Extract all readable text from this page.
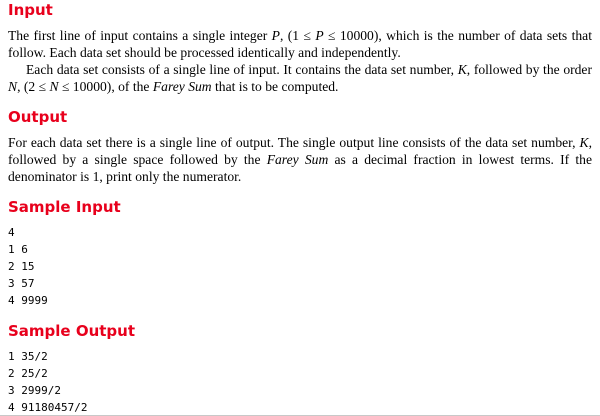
Input

The first line of input contains a single integer P, (1 ≤ P ≤ 10000), which is the number of data sets that follow. Each data set should be processed identically and independently.

Each data set consists of a single line of input. It contains the data set number, K, followed by the order N, (2 ≤ N ≤ 10000), of the Farey Sum that is to be computed.

Output

For each data set there is a single line of output. The single output line consists of the data set number, K, followed by a single space followed by the Farey Sum as a decimal fraction in lowest terms. If the denominator is 1, print only the numerator.

Sample Input
4
1 6
2 15
3 57
4 9999
Sample Output
1 35/2
2 25/2
3 2999/2
4 91180457/2
